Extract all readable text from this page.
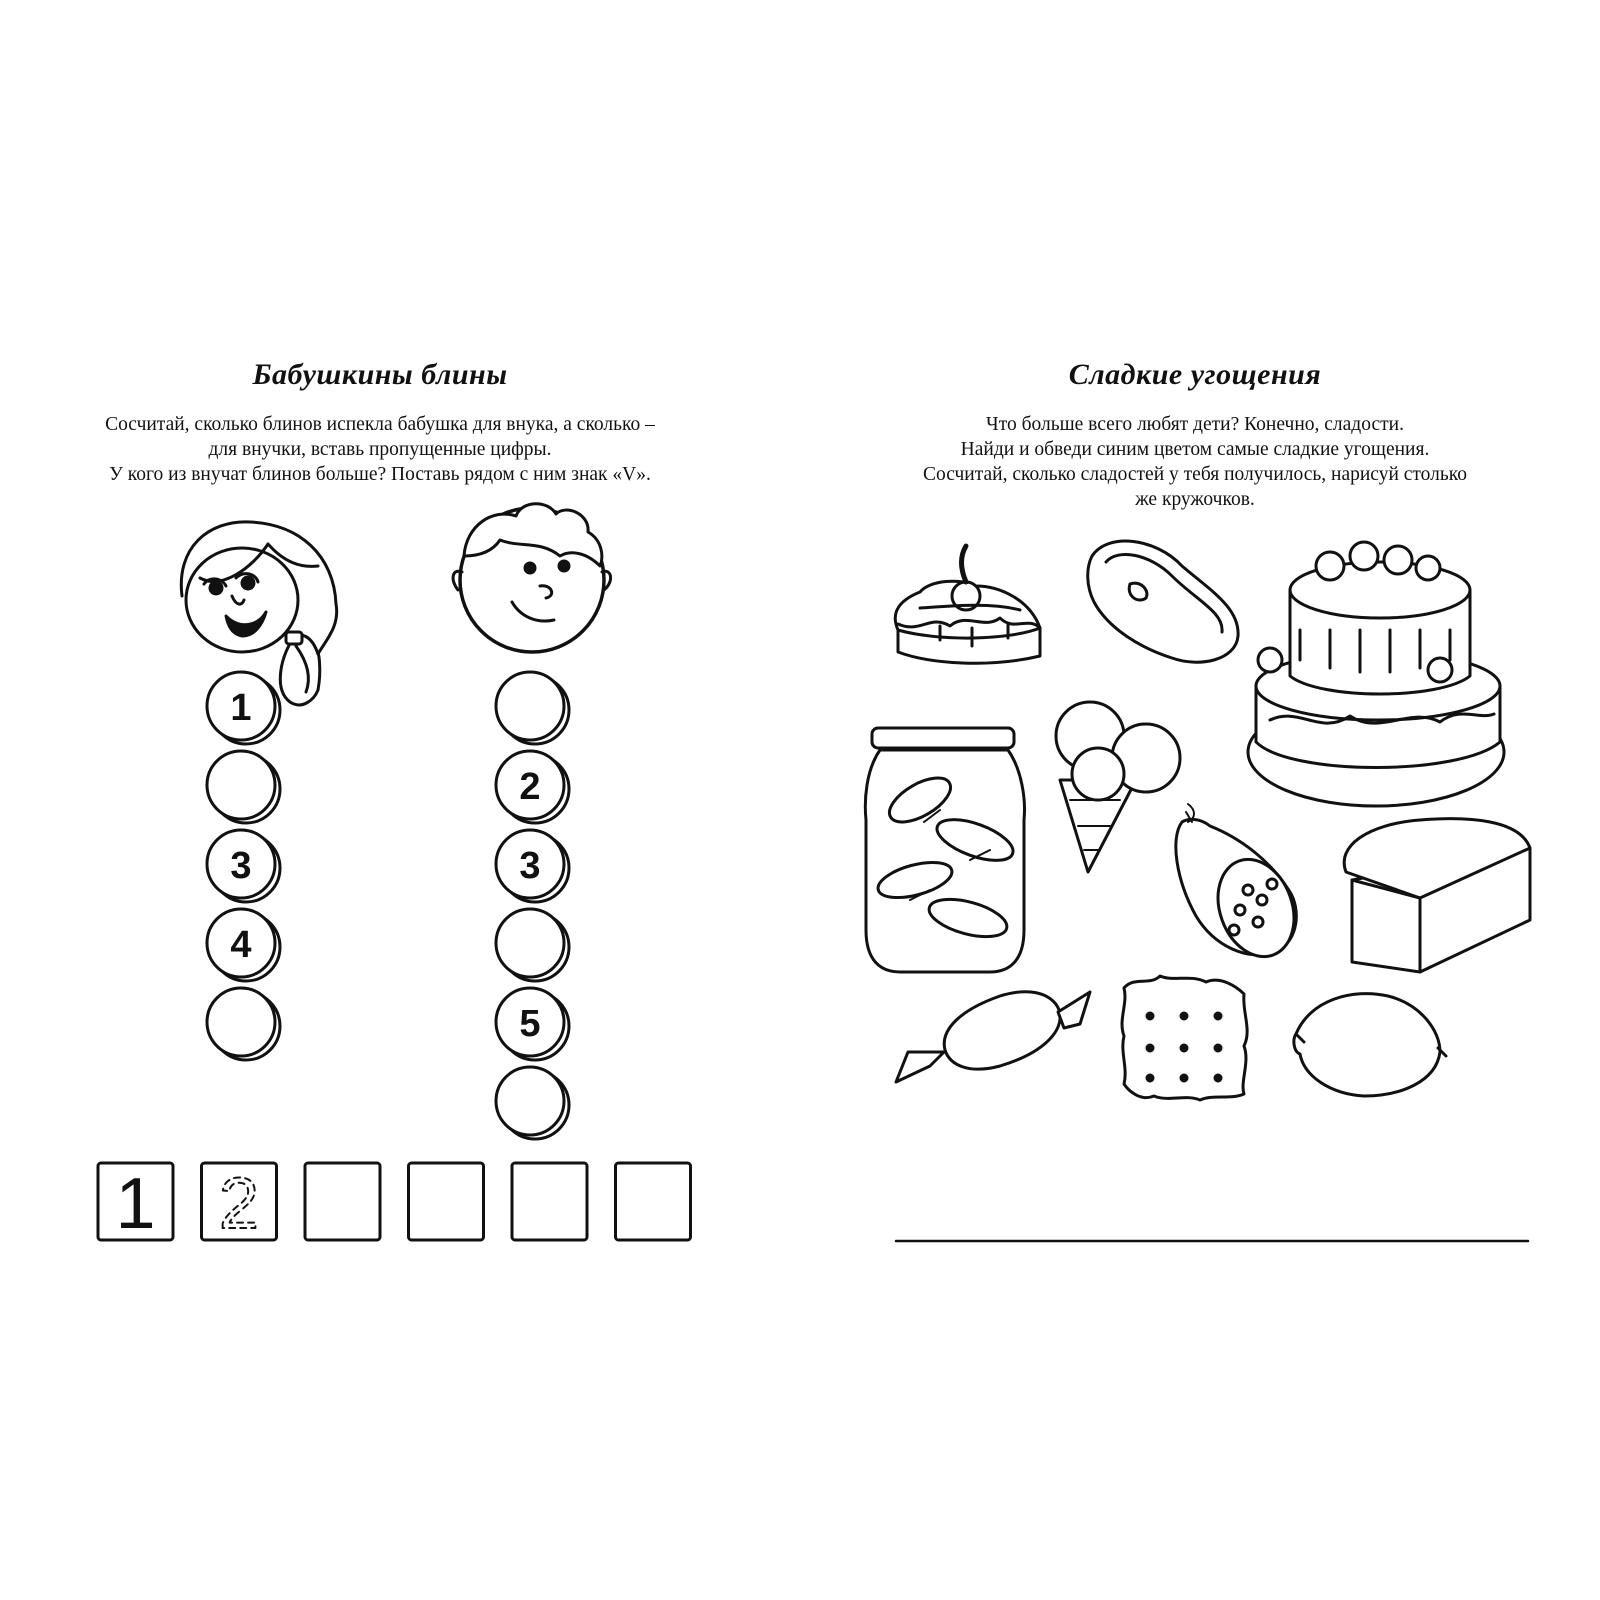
Бабушкины блины

Сосчитай, сколько блинов испекла бабушка для внука, а сколько –
для внучки, вставь пропущенные цифры.
У кого из внучат блинов больше? Поставь рядом с ним знак «V».

Сладкие угощения

Что больше всего любят дети? Конечно, сладости.
Найди и обведи синим цветом самые сладкие угощения.
Сосчитай, сколько сладостей у тебя получилось, нарисуй столько
же кружочков.

1
3
4
2
3
5
1 2
